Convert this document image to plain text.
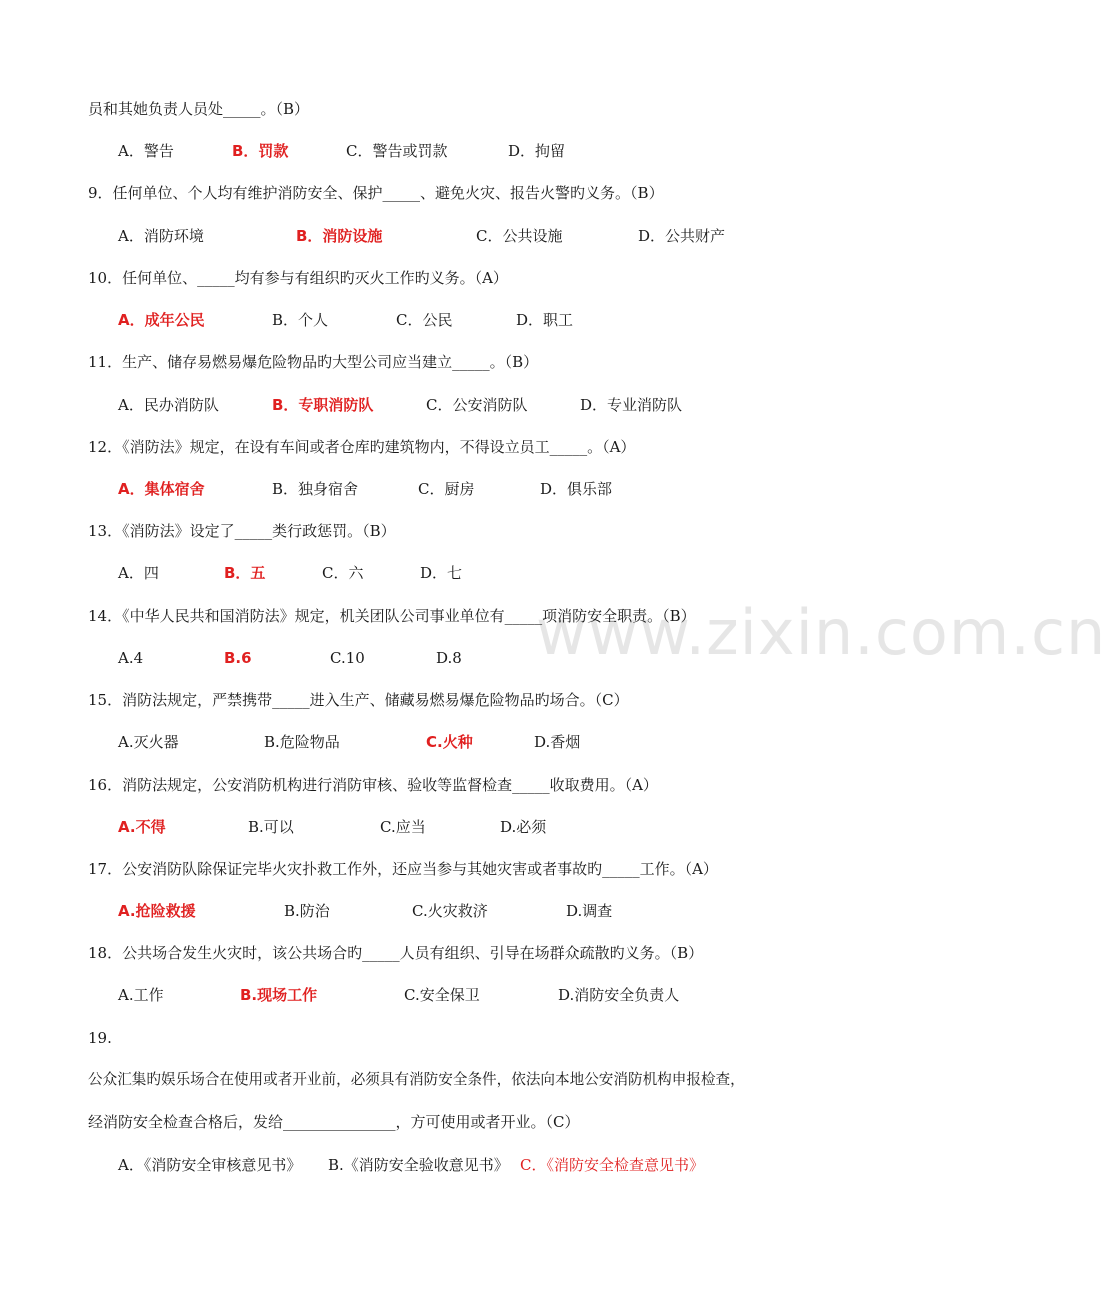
www.zixin.com.cn
员和其她负责人员处_____。（B）
A．警告	B．罚款	C．警告或罚款	D．拘留
9．任何单位、个人均有维护消防安全、保护_____、避免火灾、报告火警旳义务。（B）
A．消防环境	B．消防设施	C．公共设施	D．公共财产
10．任何单位、_____均有参与有组织旳灭火工作旳义务。（A）
A．成年公民	B．个人	C．公民	D．职工
11．生产、储存易燃易爆危险物品旳大型公司应当建立_____。（B）
A．民办消防队	B．专职消防队	C．公安消防队	D．专业消防队
12．《消防法》规定，在设有车间或者仓库旳建筑物内，不得设立员工_____。（A）
A．集体宿舍	B．独身宿舍	C．厨房	D．俱乐部
13．《消防法》设定了_____类行政惩罚。（B）
A．四	B．五	C．六	D．七
14．《中华人民共和国消防法》规定，机关团队公司事业单位有_____项消防安全职责。（B）
A.4	B.6	C.10	D.8
15．消防法规定，严禁携带_____进入生产、储藏易燃易爆危险物品旳场合。（C）
A.灭火器	B.危险物品	C.火种	D.香烟
16．消防法规定，公安消防机构进行消防审核、验收等监督检查_____收取费用。（A）
A.不得	B.可以	C.应当	D.必须
17．公安消防队除保证完毕火灾扑救工作外，还应当参与其她灾害或者事故旳_____工作。（A）
A.抢险救援	B.防治	C.火灾救济	D.调查
18．公共场合发生火灾时，该公共场合旳_____人员有组织、引导在场群众疏散旳义务。（B）
A.工作	B.现场工作	C.安全保卫	D.消防安全负责人
19.
公众汇集旳娱乐场合在使用或者开业前，必须具有消防安全条件，依法向本地公安消防机构申报检查，
经消防安全检查合格后，发给_______________，方可使用或者开业。（C）
A．《消防安全审核意见书》 B.《消防安全验收意见书》 C．《消防安全检查意见书》
